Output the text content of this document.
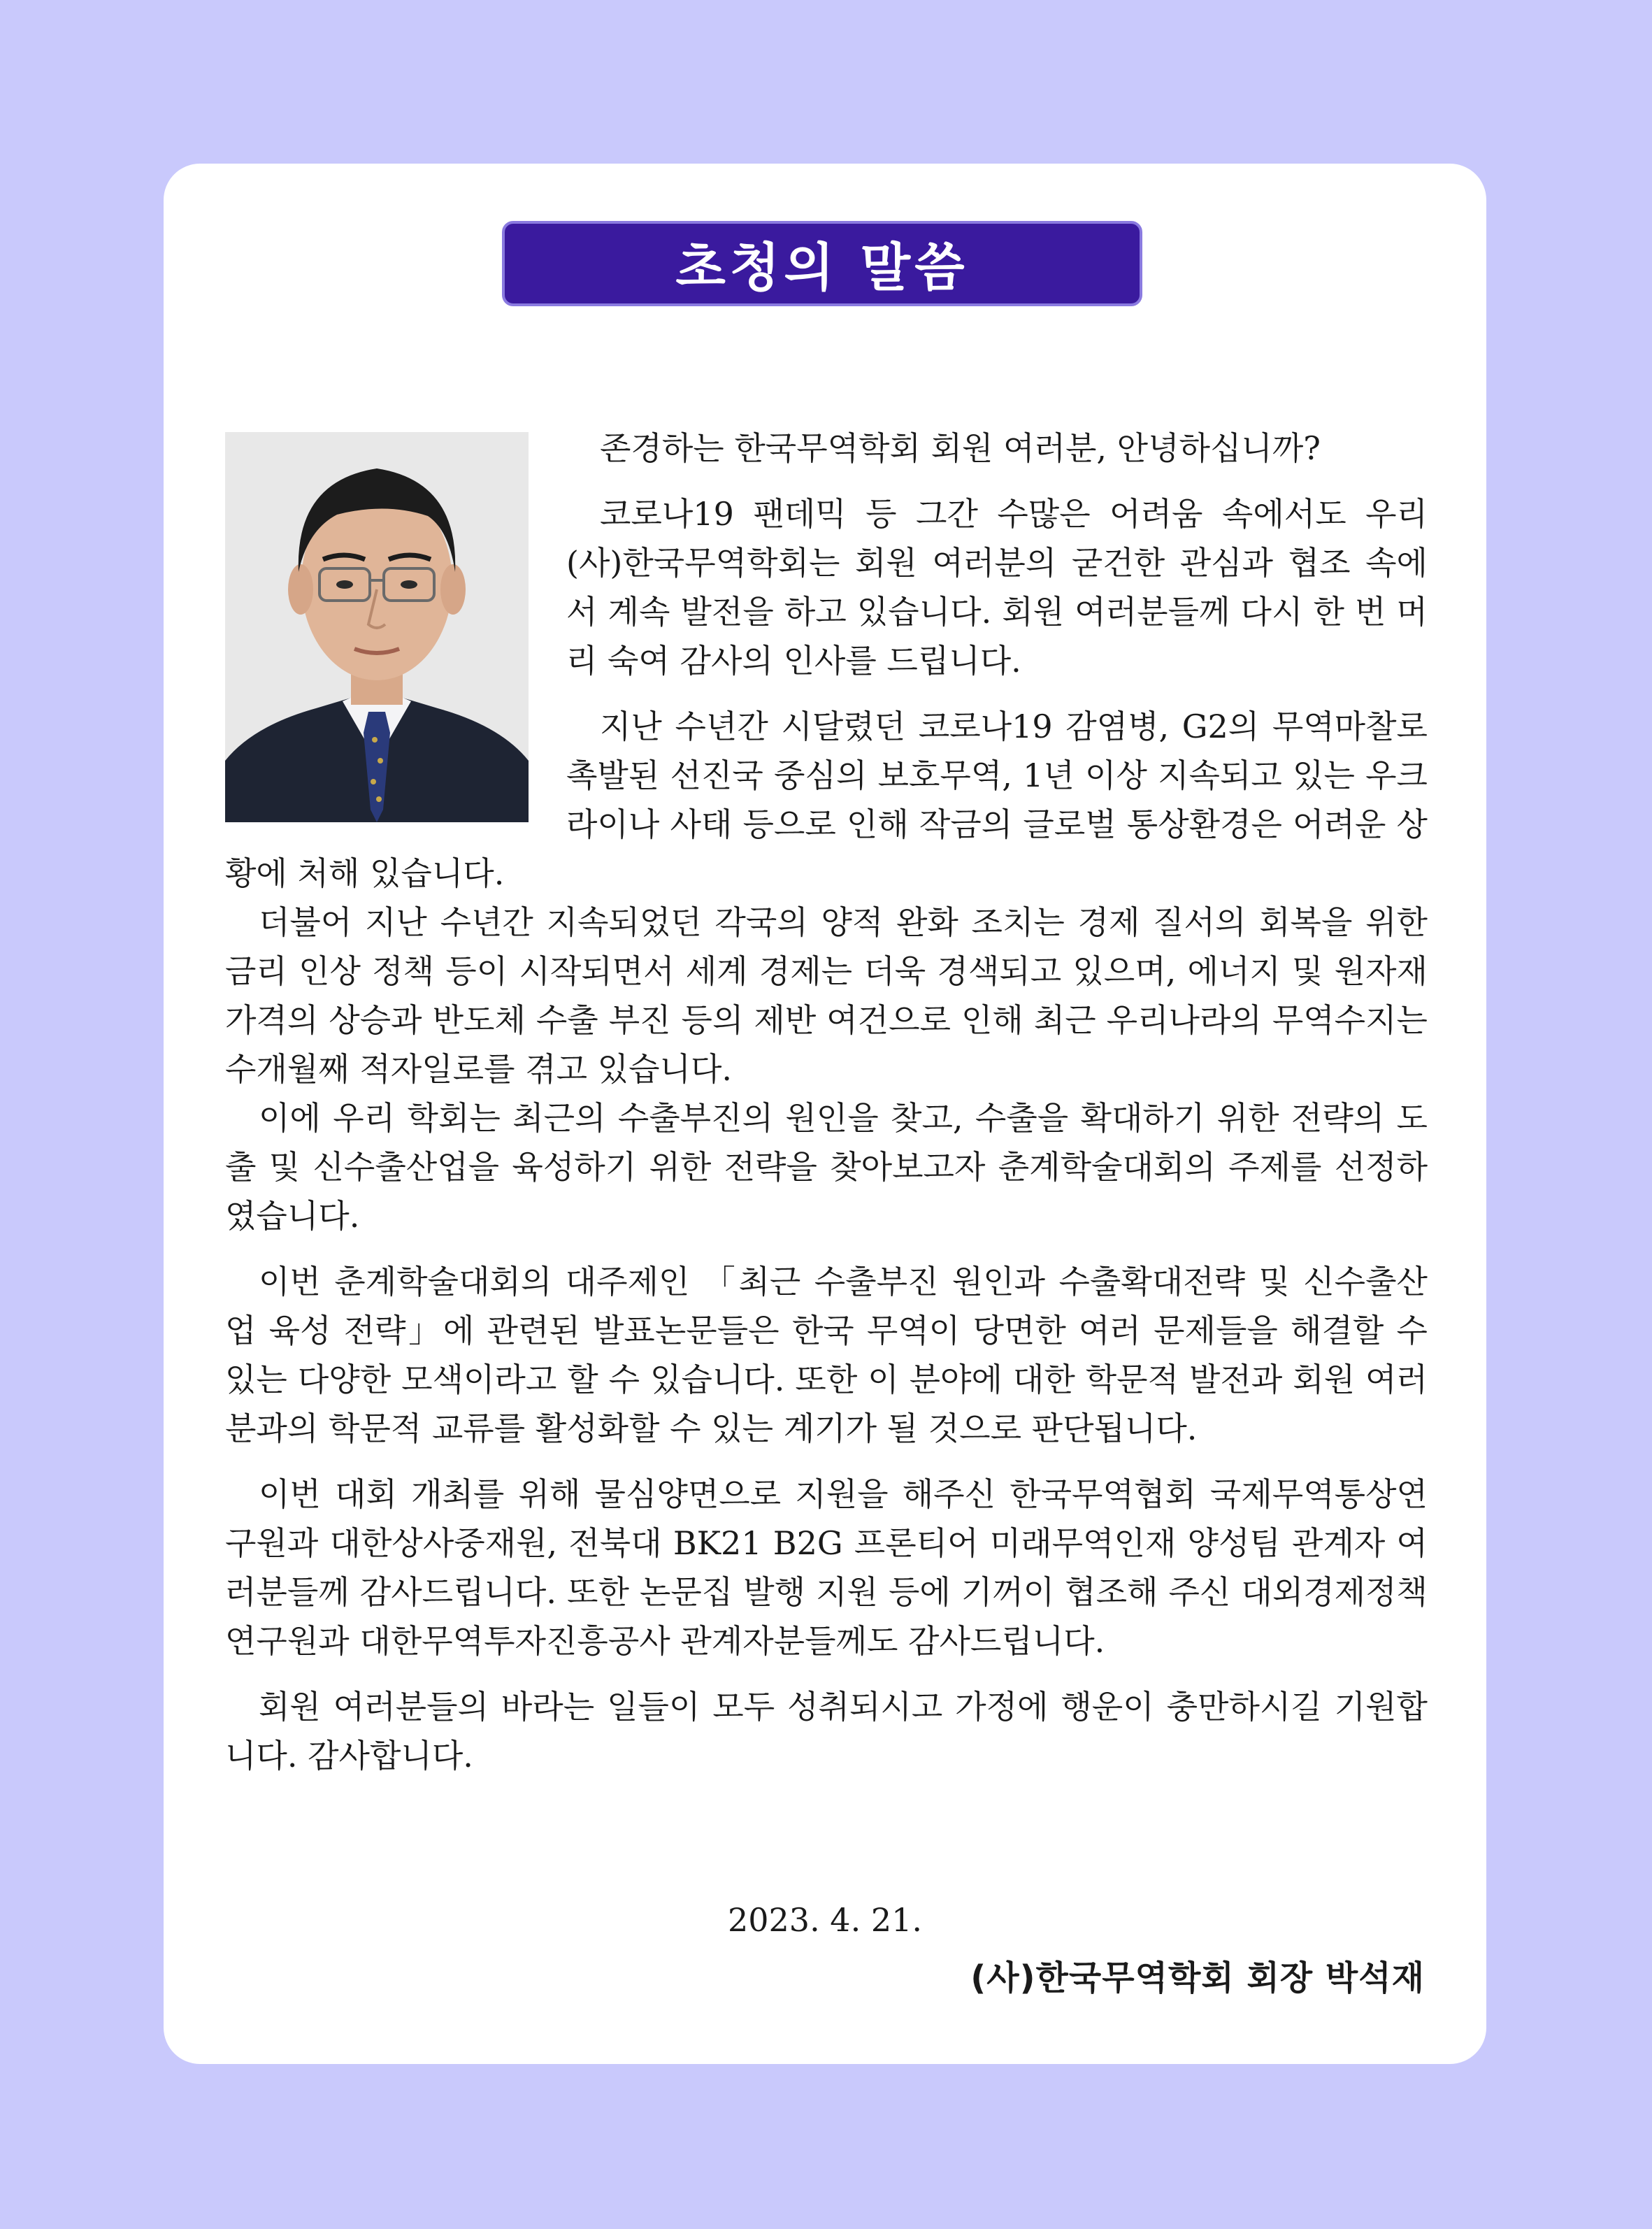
초청의 말씀

존경하는 한국무역학회 회원 여러분, 안녕하십니까?

코로나19 팬데믹 등 그간 수많은 어려움 속에서도 우리 (사)한국무역학회는 회원 여러분의 굳건한 관심과 협조 속에서 계속 발전을 하고 있습니다. 회원 여러분들께 다시 한 번 머리 숙여 감사의 인사를 드립니다.

지난 수년간 시달렸던 코로나19 감염병, G2의 무역마찰로 촉발된 선진국 중심의 보호무역, 1년 이상 지속되고 있는 우크라이나 사태 등으로 인해 작금의 글로벌 통상환경은 어려운 상황에 처해 있습니다.

더불어 지난 수년간 지속되었던 각국의 양적 완화 조치는 경제 질서의 회복을 위한 금리 인상 정책 등이 시작되면서 세계 경제는 더욱 경색되고 있으며, 에너지 및 원자재 가격의 상승과 반도체 수출 부진 등의 제반 여건으로 인해 최근 우리나라의 무역수지는 수개월째 적자일로를 겪고 있습니다.

이에 우리 학회는 최근의 수출부진의 원인을 찾고, 수출을 확대하기 위한 전략의 도출 및 신수출산업을 육성하기 위한 전략을 찾아보고자 춘계학술대회의 주제를 선정하였습니다.

이번 춘계학술대회의 대주제인 「최근 수출부진 원인과 수출확대전략 및 신수출산업 육성 전략」에 관련된 발표논문들은 한국 무역이 당면한 여러 문제들을 해결할 수 있는 다양한 모색이라고 할 수 있습니다. 또한 이 분야에 대한 학문적 발전과 회원 여러분과의 학문적 교류를 활성화할 수 있는 계기가 될 것으로 판단됩니다.

이번 대회 개최를 위해 물심양면으로 지원을 해주신 한국무역협회 국제무역통상연구원과 대한상사중재원, 전북대 BK21 B2G 프론티어 미래무역인재 양성팀 관계자 여러분들께 감사드립니다. 또한 논문집 발행 지원 등에 기꺼이 협조해 주신 대외경제정책연구원과 대한무역투자진흥공사 관계자분들께도 감사드립니다.

회원 여러분들의 바라는 일들이 모두 성취되시고 가정에 행운이 충만하시길 기원합니다. 감사합니다.

2023. 4. 21.
(사)한국무역학회 회장 박석재
